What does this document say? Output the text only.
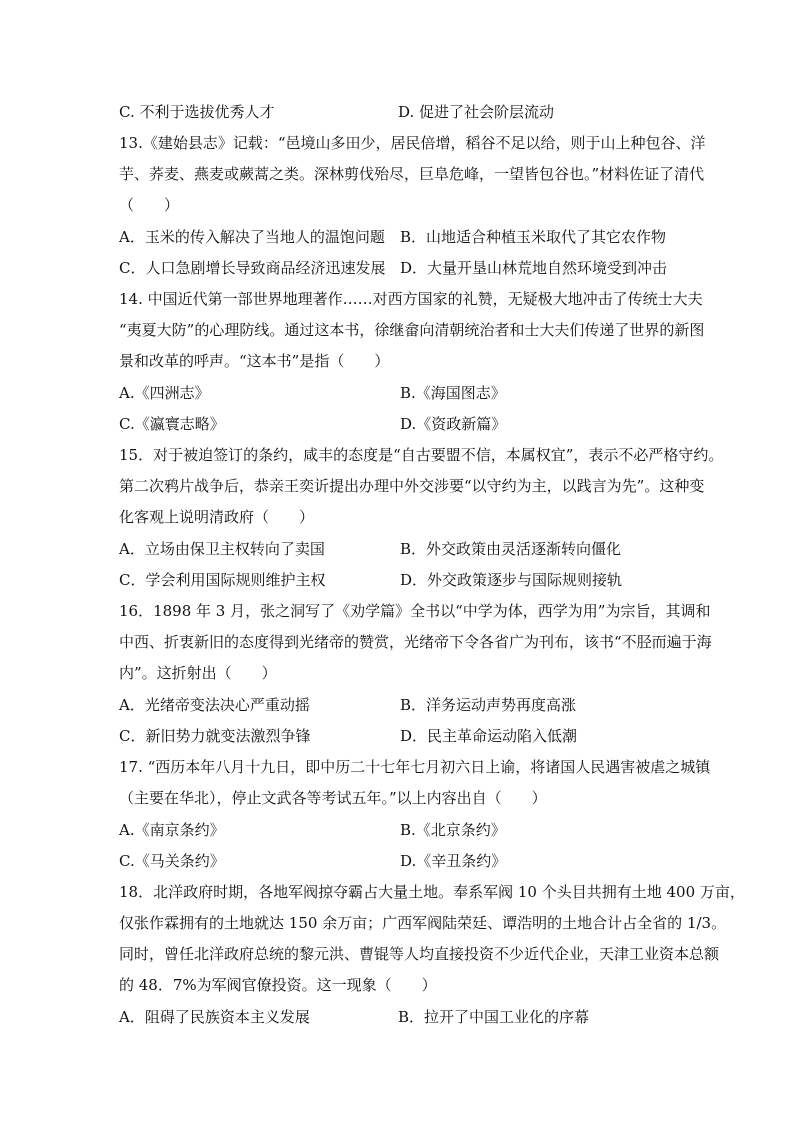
C. 不利于选拔优秀人才	D. 促进了社会阶层流动
13.《建始县志》记载：“邑境山多田少，居民倍增，稻谷不足以给，则于山上种包谷、洋
芋、荞麦、燕麦或蕨蒿之类。深林剪伐殆尽，巨阜危峰，一望皆包谷也。”材料佐证了清代
（　　）
A．玉米的传入解决了当地人的温饱问题 B．山地适合种植玉米取代了其它农作物
C．人口急剧增长导致商品经济迅速发展 D．大量开垦山林荒地自然环境受到冲击
14. 中国近代第一部世界地理著作……对西方国家的礼赞，无疑极大地冲击了传统士大夫
“夷夏大防”的心理防线。通过这本书，徐继畲向清朝统治者和士大夫们传递了世界的新图
景和改革的呼声。“这本书”是指（　　）
A.《四洲志》	B.《海国图志》
C.《瀛寰志略》	D.《资政新篇》
15．对于被迫签订的条约，咸丰的态度是“自古要盟不信，本属权宜”，表示不必严格守约。
第二次鸦片战争后，恭亲王奕䜣提出办理中外交涉要“以守约为主，以践言为先”。这种变
化客观上说明清政府（　　）
A．立场由保卫主权转向了卖国	B．外交政策由灵活逐渐转向僵化
C．学会利用国际规则维护主权	D．外交政策逐步与国际规则接轨
16．1898 年 3 月，张之洞写了《劝学篇》全书以“中学为体，西学为用”为宗旨，其调和
中西、折衷新旧的态度得到光绪帝的赞赏，光绪帝下令各省广为刊布，该书“不胫而遍于海
内”。这折射出（　　）
A．光绪帝变法决心严重动摇	B．洋务运动声势再度高涨
C．新旧势力就变法激烈争锋	D．民主革命运动陷入低潮
17. “西历本年八月十九日，即中历二十七年七月初六日上谕，将诸国人民遇害被虐之城镇
（主要在华北），停止文武各等考试五年。”以上内容出自（　　）
A.《南京条约》	B.《北京条约》
C.《马关条约》	D.《辛丑条约》
18．北洋政府时期，各地军阀掠夺霸占大量土地。奉系军阀 10 个头目共拥有土地 400 万亩，
仅张作霖拥有的土地就达 150 余万亩；广西军阀陆荣廷、谭浩明的土地合计占全省的 1/3。
同时，曾任北洋政府总统的黎元洪、曹锟等人均直接投资不少近代企业，天津工业资本总额
的 48．7%为军阀官僚投资。这一现象（　　）
A．阻碍了民族资本主义发展	B．拉开了中国工业化的序幕
